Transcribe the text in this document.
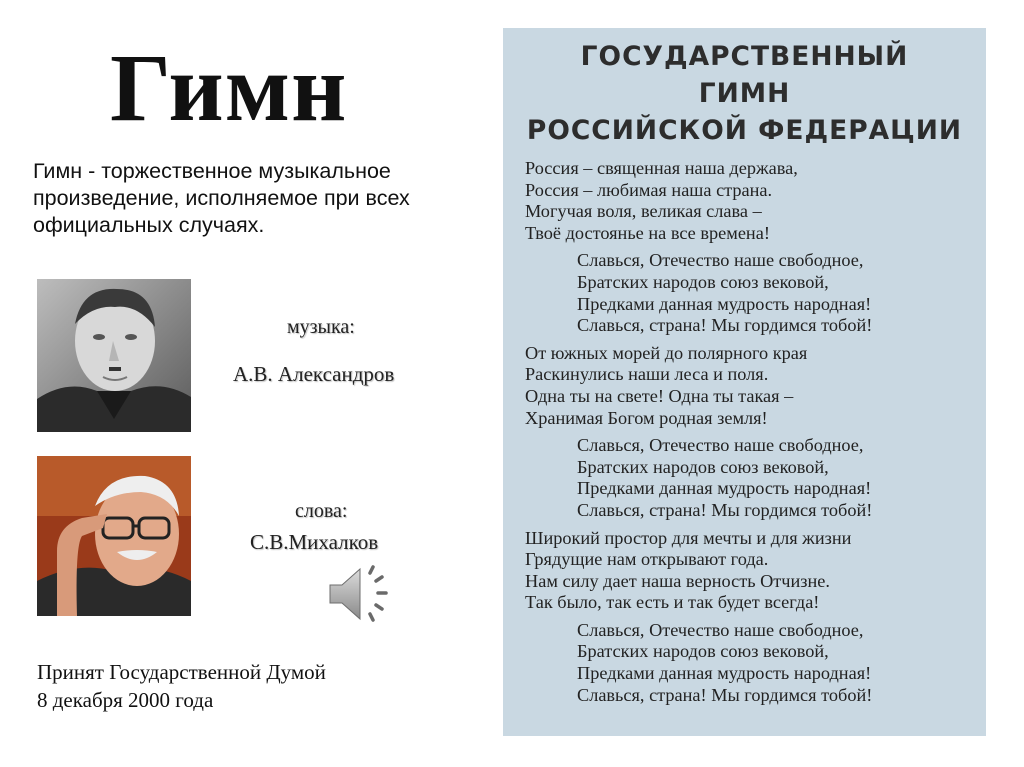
Гимн
Гимн - торжественное музыкальное произведение, исполняемое при всех официальных случаях.
музыка:
А.В. Александров
слова:
С.В.Михалков
Принят Государственной Думой
8 декабря 2000 года
ГОСУДАРСТВЕННЫЙ
ГИМН
РОССИЙСКОЙ ФЕДЕРАЦИИ
Россия – священная наша держава,
Россия – любимая наша страна.
Могучая воля, великая слава –
Твоё достоянье на все времена!
Славься, Отечество наше свободное,
Братских народов союз вековой,
Предками данная мудрость народная!
Славься, страна! Мы гордимся тобой!
От южных морей до полярного края
Раскинулись наши леса и поля.
Одна ты на свете! Одна ты такая –
Хранимая Богом родная земля!
Славься, Отечество наше свободное,
Братских народов союз вековой,
Предками данная мудрость народная!
Славься, страна! Мы гордимся тобой!
Широкий простор для мечты и для жизни
Грядущие нам открывают года.
Нам силу дает наша верность Отчизне.
Так было, так есть и так будет всегда!
Славься, Отечество наше свободное,
Братских народов союз вековой,
Предками данная мудрость народная!
Славься, страна! Мы гордимся тобой!
